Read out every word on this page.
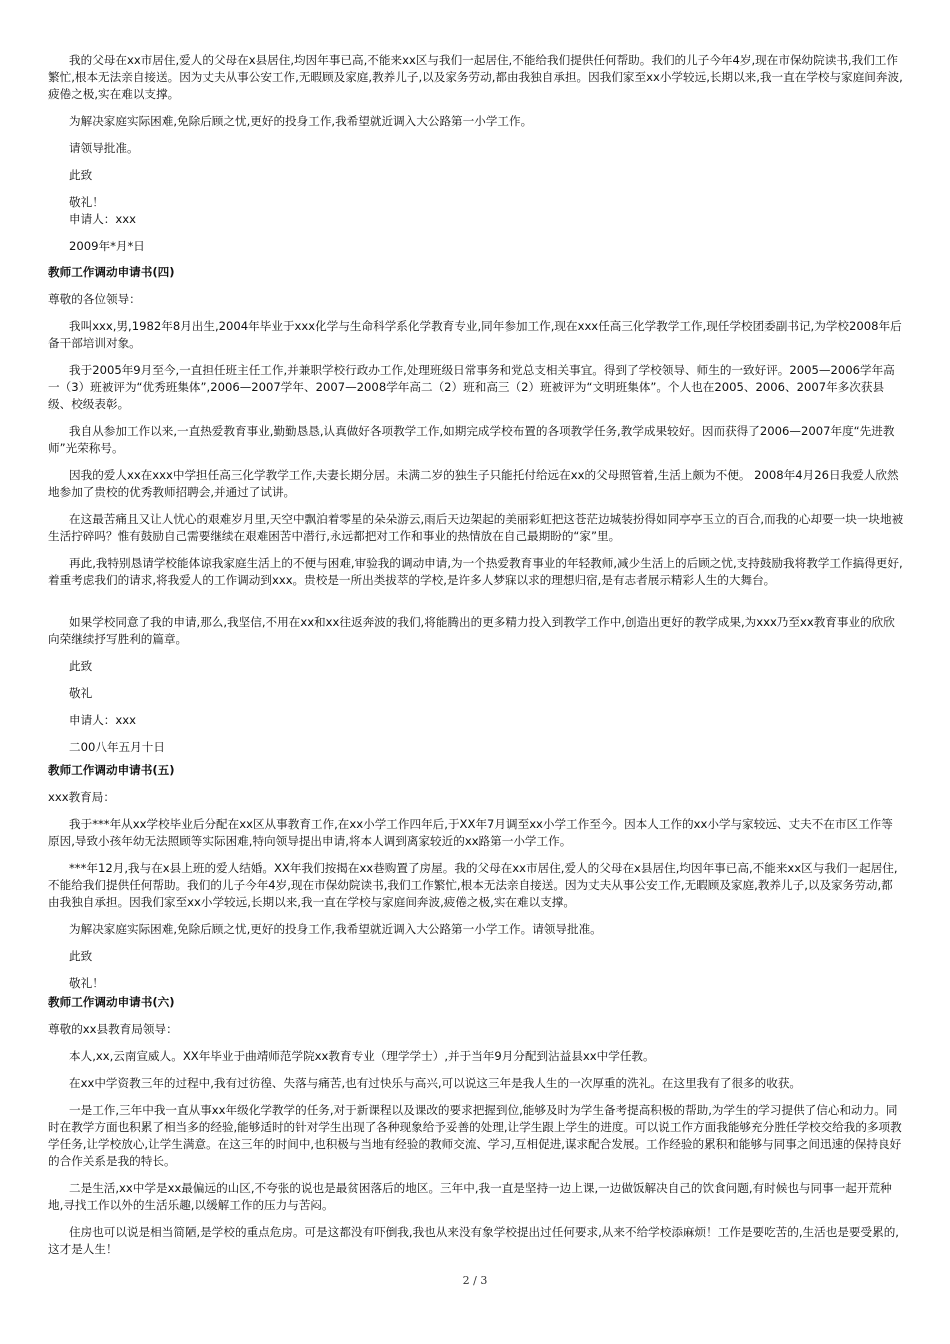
我的父母在xx市居住,爱人的父母在x县居住,均因年事已高,不能来xx区与我们一起居住,不能给我们提供任何帮助。我们的儿子今年4岁,现在市保幼院读书,我们工作繁忙,根本无法亲自接送。因为丈夫从事公安工作,无暇顾及家庭,教养儿子,以及家务劳动,都由我独自承担。因我们家至xx小学较远,长期以来,我一直在学校与家庭间奔波,疲倦之极,实在难以支撑。

为解决家庭实际困难,免除后顾之忧,更好的投身工作,我希望就近调入大公路第一小学工作。

请领导批准。

此致

敬礼！

申请人：xxx

2009年*月*日

教师工作调动申请书(四)

尊敬的各位领导：

我叫xxx,男,1982年8月出生,2004年毕业于xxx化学与生命科学系化学教育专业,同年参加工作,现在xxx任高三化学教学工作,现任学校团委副书记,为学校2008年后备干部培训对象。

我于2005年9月至今,一直担任班主任工作,并兼职学校行政办工作,处理班级日常事务和党总支相关事宜。得到了学校领导、师生的一致好评。2005—2006学年高一（3）班被评为“优秀班集体”,2006—2007学年、2007—2008学年高二（2）班和高三（2）班被评为“文明班集体”。个人也在2005、2006、2007年多次获县级、校级表彰。

我自从参加工作以来,一直热爱教育事业,勤勤恳恳,认真做好各项教学工作,如期完成学校布置的各项教学任务,教学成果较好。因而获得了2006—2007年度“先进教师”光荣称号。

因我的爱人xx在xxx中学担任高三化学教学工作,夫妻长期分居。未满二岁的独生子只能托付给远在xx的父母照管着,生活上颇为不便。 2008年4月26日我爱人欣然地参加了贵校的优秀教师招聘会,并通过了试讲。

在这最苦痛且又让人忧心的艰难岁月里,天空中飘泊着零星的朵朵游云,雨后天边架起的美丽彩虹把这苍茫边城装扮得如同亭亭玉立的百合,而我的心却要一块一块地被生活拧碎吗？惟有鼓励自己需要继续在艰难困苦中潜行,永远都把对工作和事业的热情放在自己最期盼的“家”里。

再此,我特别恳请学校能体谅我家庭生活上的不便与困难,审验我的调动申请,为一个热爱教育事业的年轻教师,减少生活上的后顾之忧,支持鼓励我将教学工作搞得更好,着重考虑我们的请求,将我爱人的工作调动到xxx。贵校是一所出类拔萃的学校,是许多人梦寐以求的理想归宿,是有志者展示精彩人生的大舞台。

如果学校同意了我的申请,那么,我坚信,不用在xx和xx往返奔波的我们,将能腾出的更多精力投入到教学工作中,创造出更好的教学成果,为xxx乃至xx教育事业的欣欣向荣继续抒写胜利的篇章。

此致

敬礼

申请人：xxx

二00八年五月十日

教师工作调动申请书(五)

xxx教育局：

我于***年从xx学校毕业后分配在xx区从事教育工作,在xx小学工作四年后,于XX年7月调至xx小学工作至今。因本人工作的xx小学与家较远、丈夫不在市区工作等原因,导致小孩年幼无法照顾等实际困难,特向领导提出申请,将本人调到离家较近的xx路第一小学工作。

***年12月,我与在x县上班的爱人结婚。XX年我们按揭在xx巷购置了房屋。我的父母在xx市居住,爱人的父母在x县居住,均因年事已高,不能来xx区与我们一起居住,不能给我们提供任何帮助。我们的儿子今年4岁,现在市保幼院读书,我们工作繁忙,根本无法亲自接送。因为丈夫从事公安工作,无暇顾及家庭,教养儿子,以及家务劳动,都由我独自承担。因我们家至xx小学较远,长期以来,我一直在学校与家庭间奔波,疲倦之极,实在难以支撑。

为解决家庭实际困难,免除后顾之忧,更好的投身工作,我希望就近调入大公路第一小学工作。请领导批准。

此致

敬礼！

教师工作调动申请书(六)

尊敬的xx县教育局领导：

本人,xx,云南宣威人。XX年毕业于曲靖师范学院xx教育专业（理学学士）,并于当年9月分配到沾益县xx中学任教。

在xx中学资教三年的过程中,我有过彷徨、失落与痛苦,也有过快乐与高兴,可以说这三年是我人生的一次厚重的洗礼。在这里我有了很多的收获。

一是工作,三年中我一直从事xx年级化学教学的任务,对于新课程以及课改的要求把握到位,能够及时为学生备考提高积极的帮助,为学生的学习提供了信心和动力。同时在教学方面也积累了相当多的经验,能够适时的针对学生出现了各种现象给予妥善的处理,让学生跟上学生的进度。可以说工作方面我能够充分胜任学校交给我的多项教学任务,让学校放心,让学生满意。在这三年的时间中,也积极与当地有经验的教师交流、学习,互相促进,谋求配合发展。工作经验的累积和能够与同事之间迅速的保持良好的合作关系是我的特长。

二是生活,xx中学是xx最偏远的山区,不夸张的说也是最贫困落后的地区。三年中,我一直是坚持一边上课,一边做饭解决自己的饮食问题,有时候也与同事一起开荒种地,寻找工作以外的生活乐趣,以缓解工作的压力与苦闷。

住房也可以说是相当简陋,是学校的重点危房。可是这都没有吓倒我,我也从来没有象学校提出过任何要求,从来不给学校添麻烦！工作是要吃苦的,生活也是要受累的,这才是人生！

2 / 3
